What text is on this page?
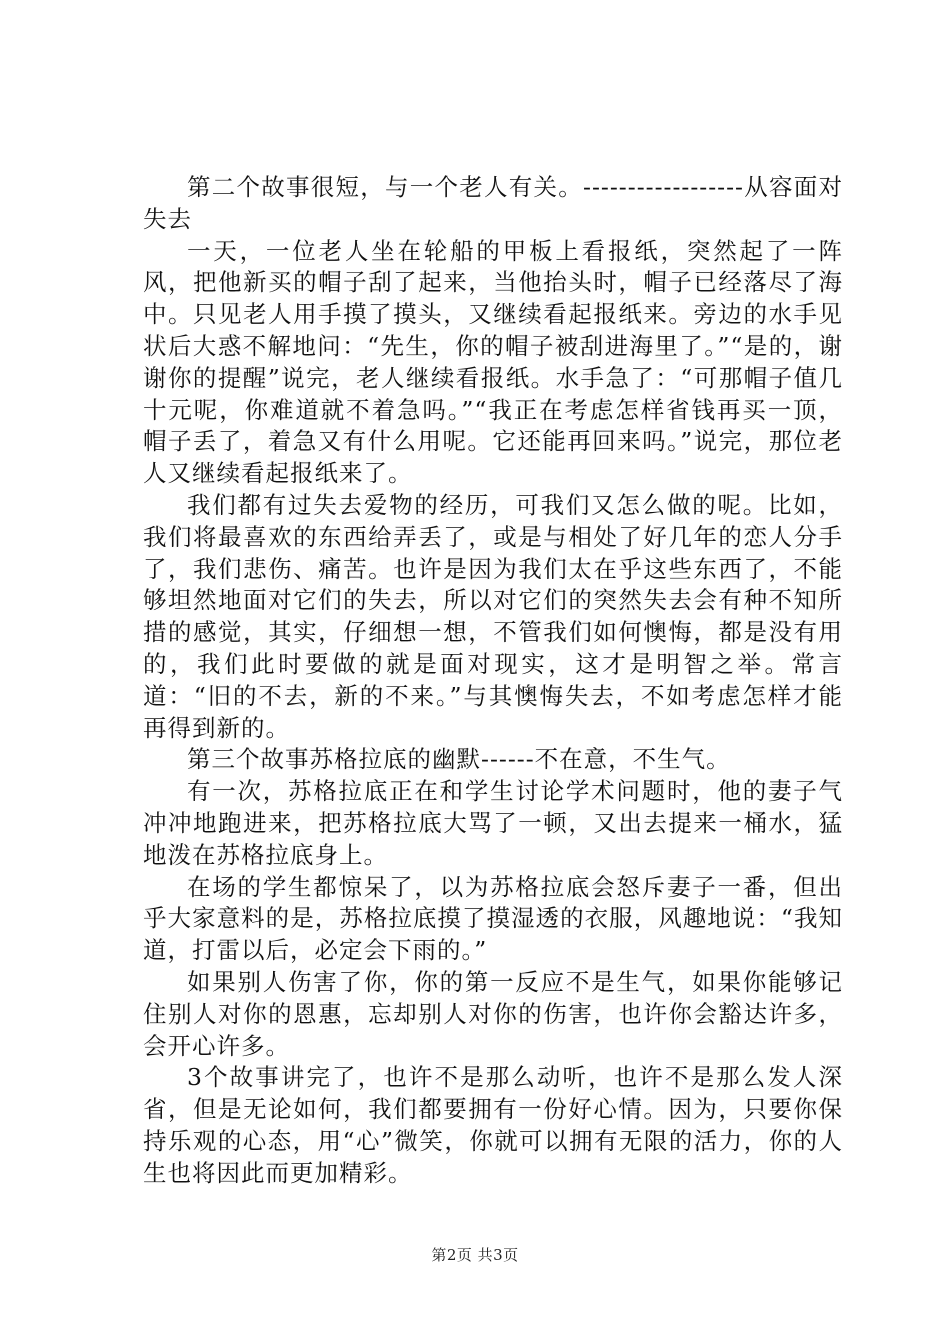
第二个故事很短，与一个老人有关。------------------从容面对失去

一天，一位老人坐在轮船的甲板上看报纸，突然起了一阵风，把他新买的帽子刮了起来，当他抬头时，帽子已经落尽了海中。只见老人用手摸了摸头，又继续看起报纸来。旁边的水手见状后大惑不解地问：“先生，你的帽子被刮进海里了。”“是的，谢谢你的提醒”说完，老人继续看报纸。水手急了：“可那帽子值几十元呢，你难道就不着急吗。”“我正在考虑怎样省钱再买一顶，帽子丢了，着急又有什么用呢。它还能再回来吗。”说完，那位老人又继续看起报纸来了。

我们都有过失去爱物的经历，可我们又怎么做的呢。比如，我们将最喜欢的东西给弄丢了，或是与相处了好几年的恋人分手了，我们悲伤、痛苦。也许是因为我们太在乎这些东西了，不能够坦然地面对它们的失去，所以对它们的突然失去会有种不知所措的感觉，其实，仔细想一想，不管我们如何懊悔，都是没有用的，我们此时要做的就是面对现实，这才是明智之举。常言道：“旧的不去，新的不来。”与其懊悔失去，不如考虑怎样才能再得到新的。

第三个故事苏格拉底的幽默------不在意，不生气。

有一次，苏格拉底正在和学生讨论学术问题时，他的妻子气冲冲地跑进来，把苏格拉底大骂了一顿，又出去提来一桶水，猛地泼在苏格拉底身上。

在场的学生都惊呆了，以为苏格拉底会怒斥妻子一番，但出乎大家意料的是，苏格拉底摸了摸湿透的衣服，风趣地说：“我知道，打雷以后，必定会下雨的。”

如果别人伤害了你，你的第一反应不是生气，如果你能够记住别人对你的恩惠，忘却别人对你的伤害，也许你会豁达许多，会开心许多。

3个故事讲完了，也许不是那么动听，也许不是那么发人深省，但是无论如何，我们都要拥有一份好心情。因为，只要你保持乐观的心态，用“心”微笑，你就可以拥有无限的活力，你的人生也将因此而更加精彩。

第2页 共3页
